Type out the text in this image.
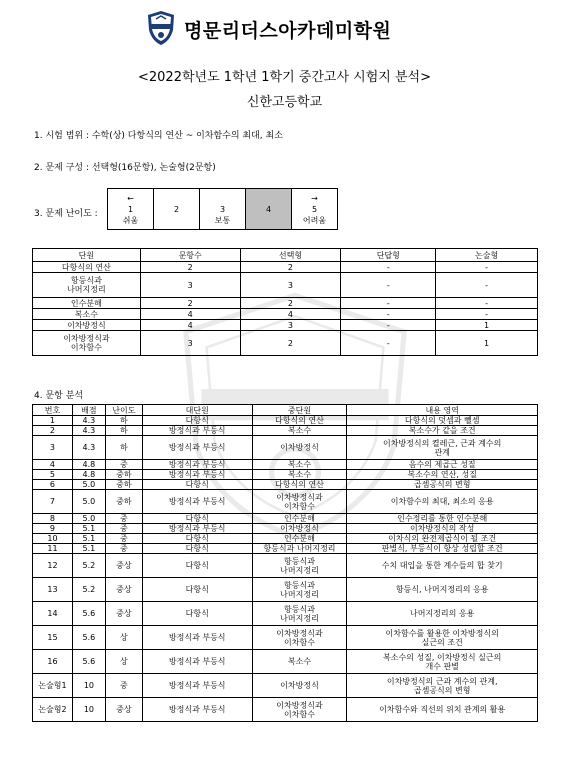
명문리더스아카데미학원
<2022학년도 1학년 1학기 중간고사 시험지 분석>
신한고등학교
1. 시험 범위 : 수학(상) 다항식의 연산 ~ 이차함수의 최대, 최소
2. 문제 구성 : 선택형(16문항), 논술형(2문항)
3. 문제 난이도 :
←
1
쉬움

2	3
보통

4

→
5
어려움
단원	문항수	선택형	단답형	논술형
다항식의 연산	2	2	-	-
항등식과
나머지정리	3	3	-	-
인수분해	2	2	-	-
복소수	4	4	-	-
이차방정식	4	3	-	1
이차방정식과
이차함수	3	2	-	1
4. 문항 분석
번호	배점	난이도	대단원	중단원	내용 영역
1	4.3	하	다항식	다항식의 연산	다항식의 덧셈과 뺄셈
2	4.3	하	방정식과 부등식	복소수	복소수가 같을 조건
3	4.3	하	방정식과 부등식	이차방정식	이차방정식의 켤레근, 근과 계수의
관계
4	4.8	중	방정식과 부등식	복소수	음수의 제곱근 성질
5	4.8	중하	방정식과 부등식	복소수	복소수의 연산, 성질
6	5.0	중하	다항식	다항식의 연산	곱셈공식의 변형
7	5.0	중하	방정식과 부등식	이차방정식과
이차함수	이차함수의 최대, 최소의 응용
8	5.0	중	다항식	인수분해	인수정리를 통한 인수분해
9	5.1	중	방정식과 부등식	이차방정식	이차방정식의 작성
10	5.1	중	다항식	인수분해	이차식의 완전제곱식이 될 조건
11	5.1	중	다항식	항등식과 나머지정리	판별식, 부등식이 항상 성립할 조건
12	5.2	중상	다항식	항등식과
나머지정리	수치 대입을 통한 계수들의 합 찾기
13	5.2	중상	다항식	항등식과
나머지정리	항등식, 나머지정리의 응용
14	5.6	중상	다항식	항등식과
나머지정리	나머지정리의 응용
15	5.6	상	방정식과 부등식	이차방정식과
이차함수	이차함수를 활용한 이차방정식의
실근의 조건
16	5.6	상	방정식과 부등식	복소수	복소수의 성질, 이차방정식 실근의
개수 판별
논술형1	10	중	방정식과 부등식	이차방정식	이차방정식의 근과 계수의 관계,
곱셈공식의 변형
논술형2	10	중상	방정식과 부등식	이차방정식과
이차함수	이차함수와 직선의 위치 관계의 활용
